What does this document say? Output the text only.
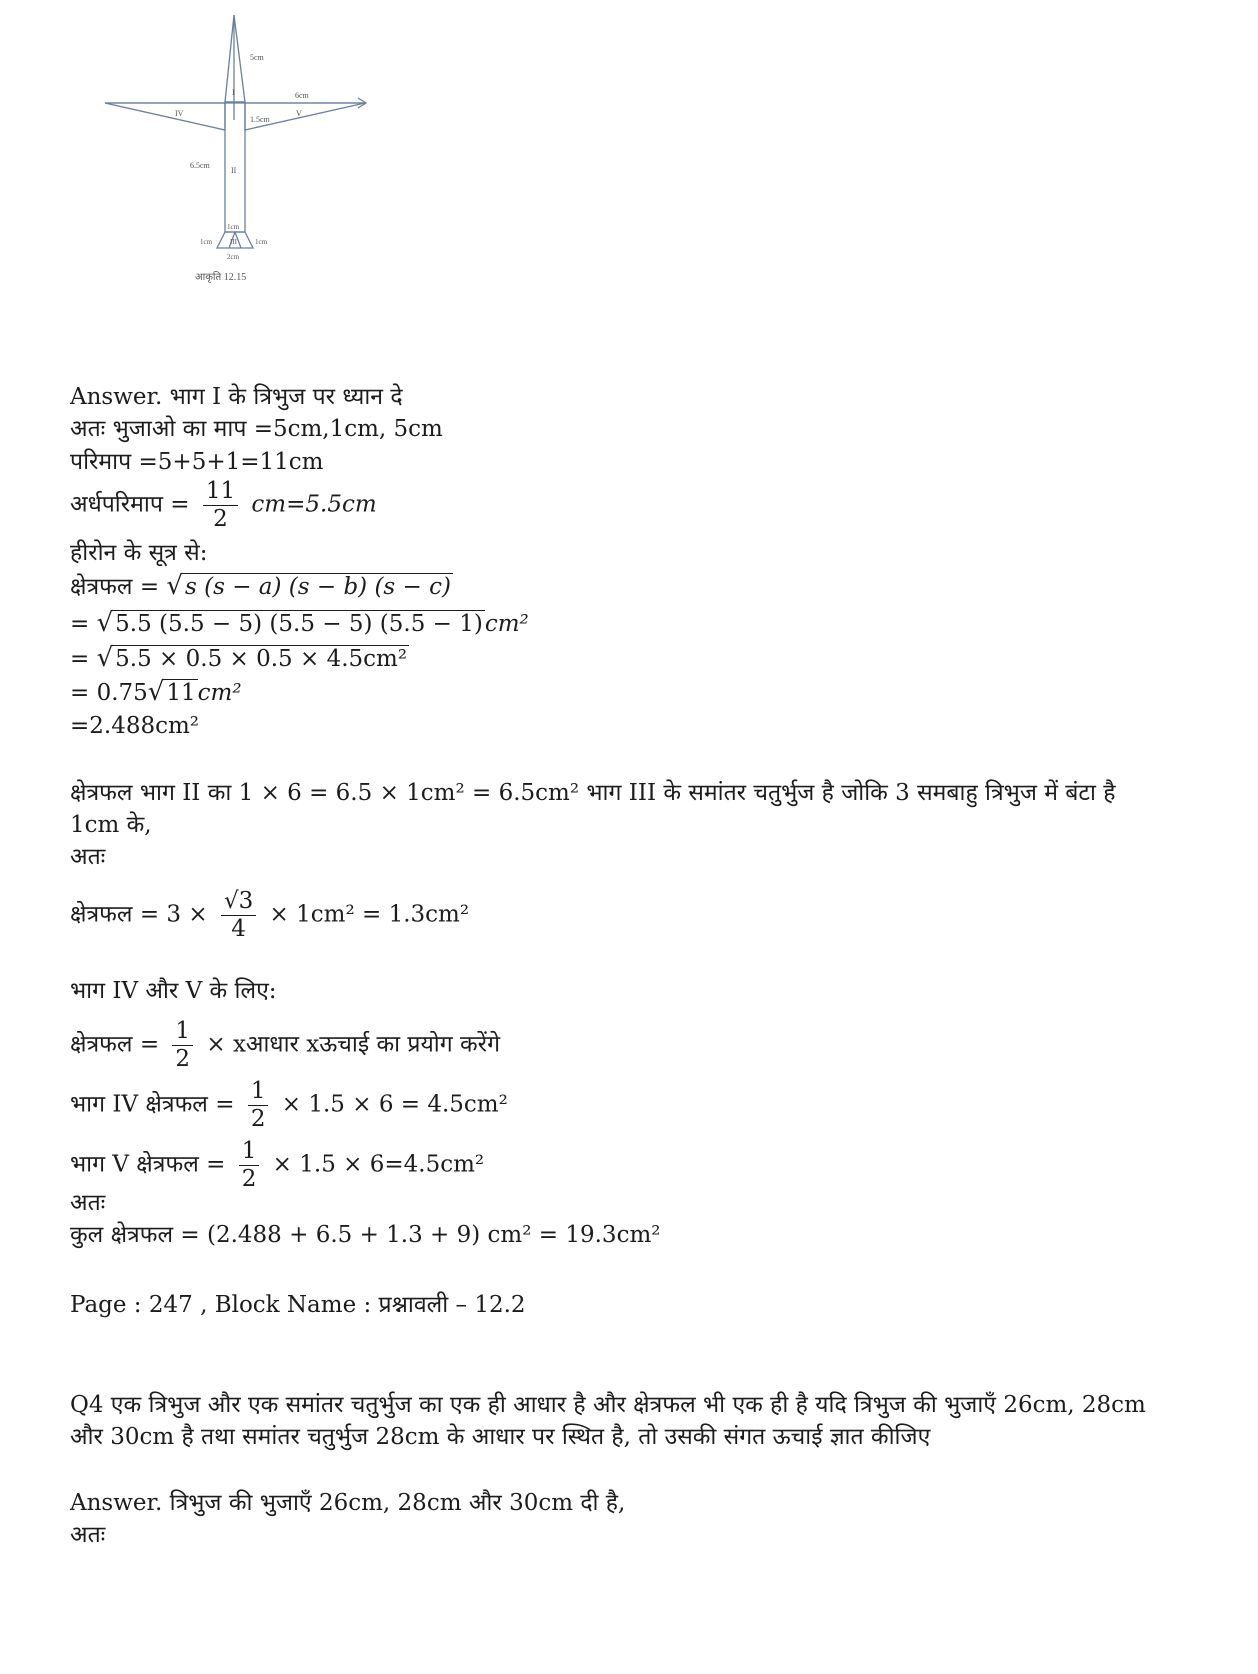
5cm
6cm
1.5cm
IV	V
I
II
III
6.5cm
1cm
1cm	1cm
2cm
आकृति 12.15
Answer. भाग I के त्रिभुज पर ध्यान दे
अतः भुजाओ का माप =5cm,1cm, 5cm
परिमाप =5+5+1=11cm
अर्धपरिमाप = $\frac{11}{2} cm=5.5cm$
हीरोन के सूत्र से:
क्षेत्रफल = √s (s − a) (s − b) (s − c)
= √5.5 (5.5 − 5) (5.5 − 5) (5.5 − 1)cm²
= √5.5 × 0.5 × 0.5 × 4.5cm²
= 0.75√11cm²
=2.488cm²
क्षेत्रफल भाग II का 1 × 6 = 6.5 × 1cm² = 6.5cm² भाग III के समांतर चतुर्भुज है जोकि 3 समबाहु त्रिभुज में बंटा है
1cm के,
अतः
क्षेत्रफल = $3 \times \frac{√3}{4} \times 1cm^2 = 1.3cm^2$
भाग IV और V के लिए:
क्षेत्रफल = $\frac{1}{2}$ × xआधार xऊचाई का प्रयोग करेंगे
भाग IV क्षेत्रफल = $\frac{1}{2} \times 1.5 \times 6 = 4.5cm^2$
भाग V क्षेत्रफल = $\frac{1}{2} \times 1.5 \times 6=4.5cm^2$
अतः
कुल क्षेत्रफल = (2.488 + 6.5 + 1.3 + 9) cm² = 19.3cm²
Page : 247 , Block Name : प्रश्नावली – 12.2
Q4 एक त्रिभुज और एक समांतर चतुर्भुज का एक ही आधार है और क्षेत्रफल भी एक ही है यदि त्रिभुज की भुजाएँ 26cm, 28cm
और 30cm है तथा समांतर चतुर्भुज 28cm के आधार पर स्थित है, तो उसकी संगत ऊचाई ज्ञात कीजिए
Answer. त्रिभुज की भुजाएँ 26cm, 28cm और 30cm दी है,
अतः
